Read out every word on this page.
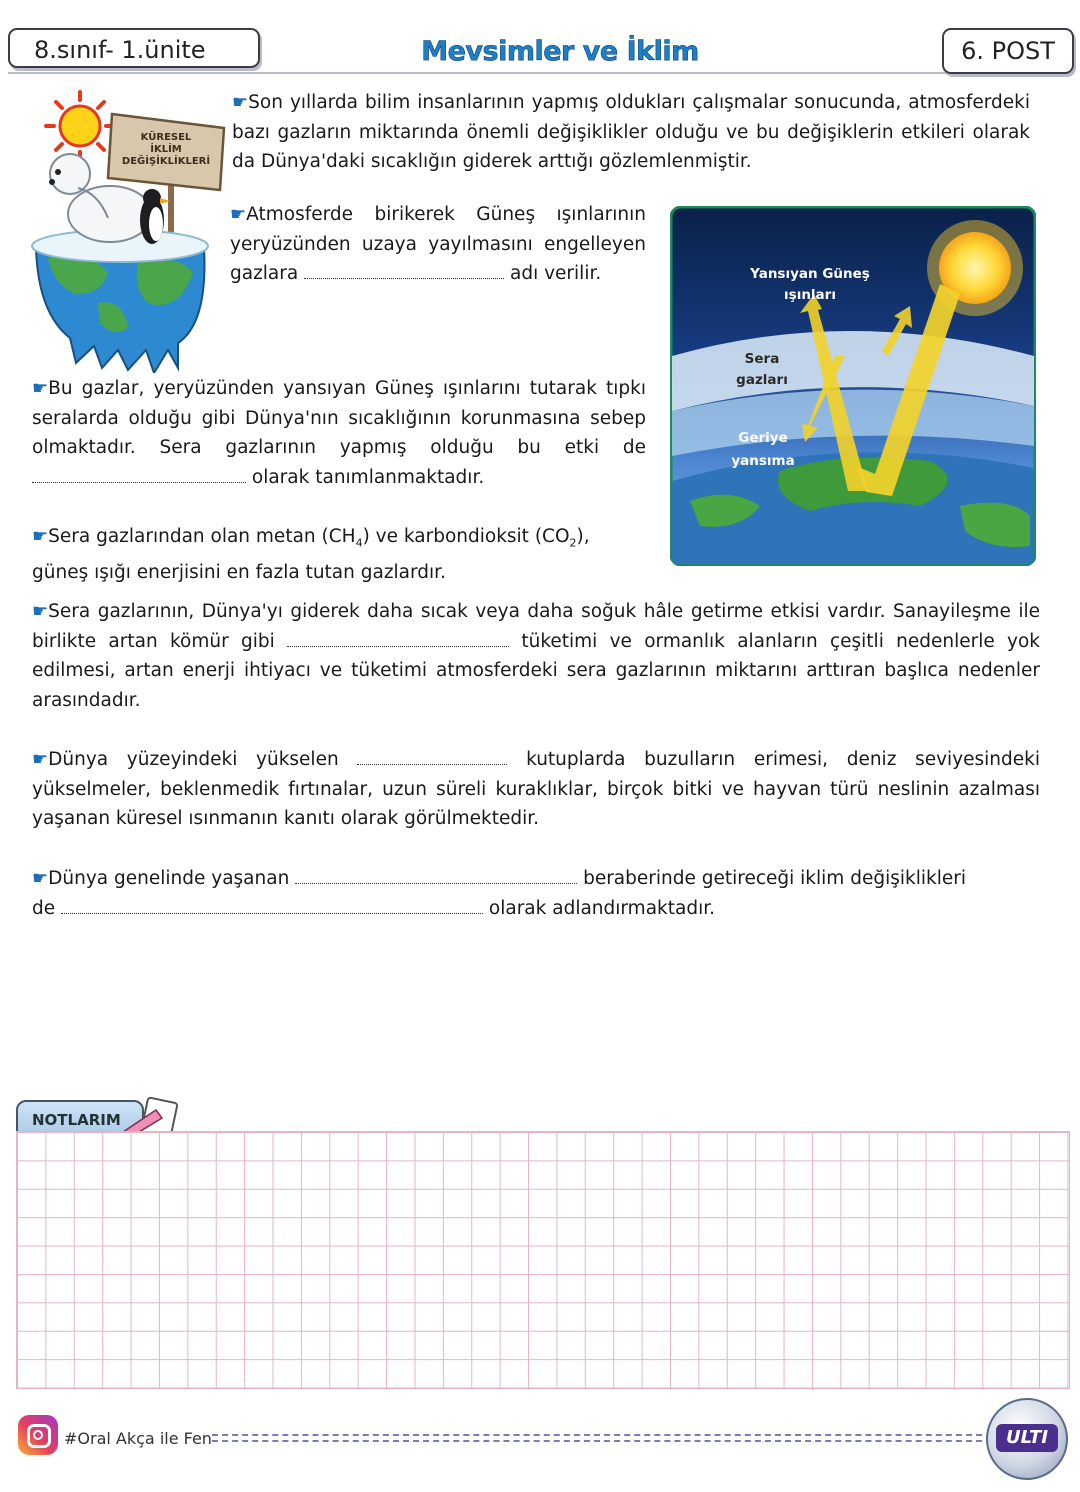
8.sınıf- 1.ünite	Mevsimler ve İklim	6. POST
KÜRESEL
İKLİM
DEĞİŞİKLİKLERİ
☛Son yıllarda bilim insanlarının yapmış oldukları çalışmalar sonucunda, atmosferdeki bazı gazların miktarında önemli değişiklikler olduğu ve bu değişiklerin etkileri olarak da Dünya'daki sıcaklığın giderek arttığı gözlemlenmiştir.
☛Atmosferde birikerek Güneş ışınlarının yeryüzünden uzaya yayılmasını engelleyen gazlara	adı verilir.	Yansıyan Güneş
ışınları
Sera
gazları
Geriye
yansıma
☛Bu gazlar, yeryüzünden yansıyan Güneş ışınlarını tutarak tıpkı seralarda olduğu gibi Dünya'nın sıcaklığının korunmasına sebep olmaktadır. Sera gazlarının yapmış olduğu bu etki de  olarak tanımlanmaktadır.
☛Sera gazlarından olan metan $(CH_4)$ ve karbondioksit $(CO_2)$,
güneş ışığı enerjisini en fazla tutan gazlardır.
☛Sera gazlarının, Dünya'yı giderek daha sıcak veya daha soğuk hâle getirme etkisi vardır. Sanayileşme ile birlikte artan kömür gibi	tüketimi ve ormanlık alanların çeşitli nedenlerle yok edilmesi, artan enerji ihtiyacı ve tüketimi atmosferdeki sera gazlarının miktarını arttıran başlıca nedenler arasındadır.
☛Dünya yüzeyindeki yükselen	kutuplarda buzulların erimesi, deniz seviyesindeki yükselmeler, beklenmedik fırtınalar, uzun süreli kuraklıklar, birçok bitki ve hayvan türü neslinin azalması yaşanan küresel ısınmanın kanıtı olarak görülmektedir.
☛Dünya genelinde yaşanan	beraberinde getireceği iklim değişiklikleri
de	olarak adlandırmaktadır.
NOTLARIM
#Oral Akça ile Fen	ULTI
